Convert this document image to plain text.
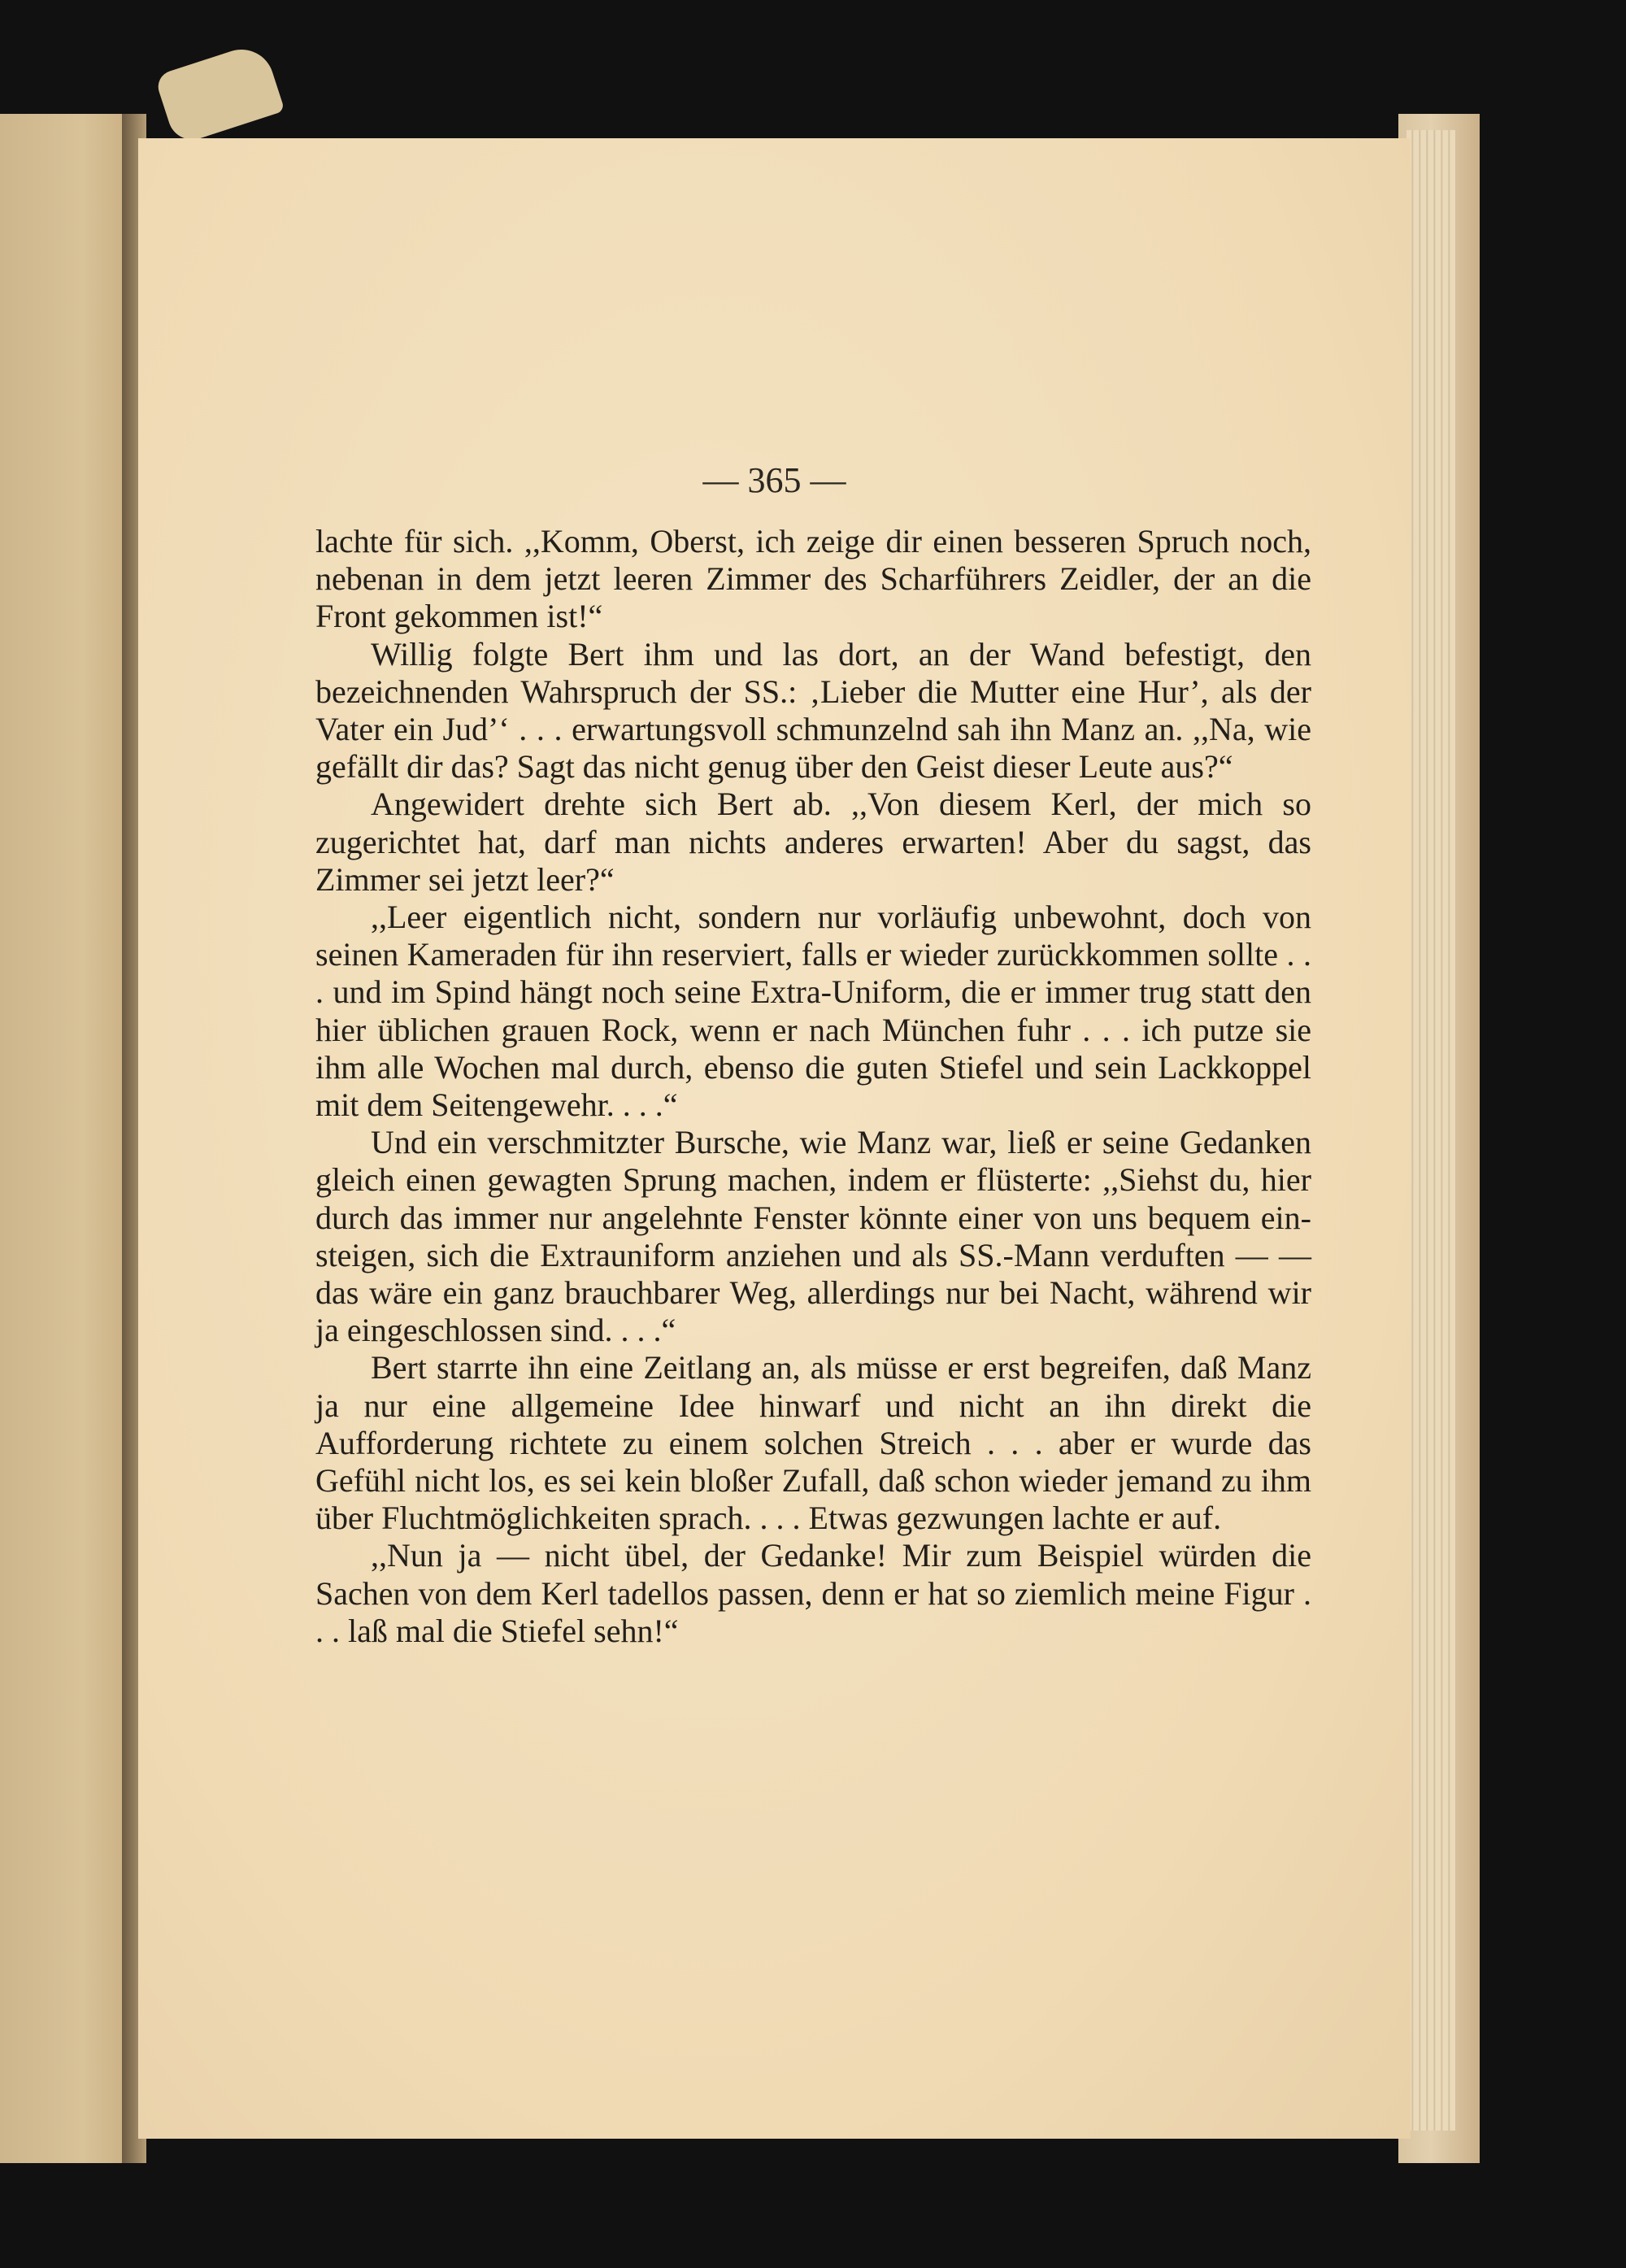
— 365 —

lachte für sich. ,,Komm, Oberst, ich zeige dir einen besseren Spruch noch, nebenan in dem jetzt leeren Zimmer des Scharführers Zeidler, der an die Front gekommen ist!“

Willig folgte Bert ihm und las dort, an der Wand befestigt, den bezeichnenden Wahrspruch der SS.: ‚Lieber die Mutter eine Hur’, als der Vater ein Jud’‘ . . . erwartungsvoll schmunzelnd sah ihn Manz an. ,,Na, wie gefällt dir das? Sagt das nicht genug über den Geist dieser Leute aus?“

Angewidert drehte sich Bert ab. ,,Von diesem Kerl, der mich so zugerichtet hat, darf man nichts anderes erwarten! Aber du sagst, das Zimmer sei jetzt leer?“

,,Leer eigentlich nicht, sondern nur vorläufig unbewohnt, doch von seinen Kameraden für ihn reserviert, falls er wieder zurückkommen sollte . . . und im Spind hängt noch seine Extra-Uniform, die er immer trug statt den hier üblichen grauen Rock, wenn er nach München fuhr . . . ich putze sie ihm alle Wochen mal durch, ebenso die guten Stiefel und sein Lackkoppel mit dem Seitengewehr. . . .“

Und ein verschmitzter Bursche, wie Manz war, ließ er seine Gedanken gleich einen gewagten Sprung machen, indem er flüsterte: ,,Siehst du, hier durch das immer nur angelehnte Fenster könnte einer von uns bequem einsteigen, sich die Extrauniform anziehen und als SS.-Mann verduften — — das wäre ein ganz brauchbarer Weg, allerdings nur bei Nacht, während wir ja eingeschlossen sind. . . .“

Bert starrte ihn eine Zeitlang an, als müsse er erst begreifen, daß Manz ja nur eine allgemeine Idee hinwarf und nicht an ihn direkt die Aufforderung richtete zu einem solchen Streich . . . aber er wurde das Gefühl nicht los, es sei kein bloßer Zufall, daß schon wieder jemand zu ihm über Fluchtmöglichkeiten sprach. . . . Etwas gezwungen lachte er auf.

,,Nun ja — nicht übel, der Gedanke! Mir zum Beispiel würden die Sachen von dem Kerl tadellos passen, denn er hat so ziemlich meine Figur . . . laß mal die Stiefel sehn!“
